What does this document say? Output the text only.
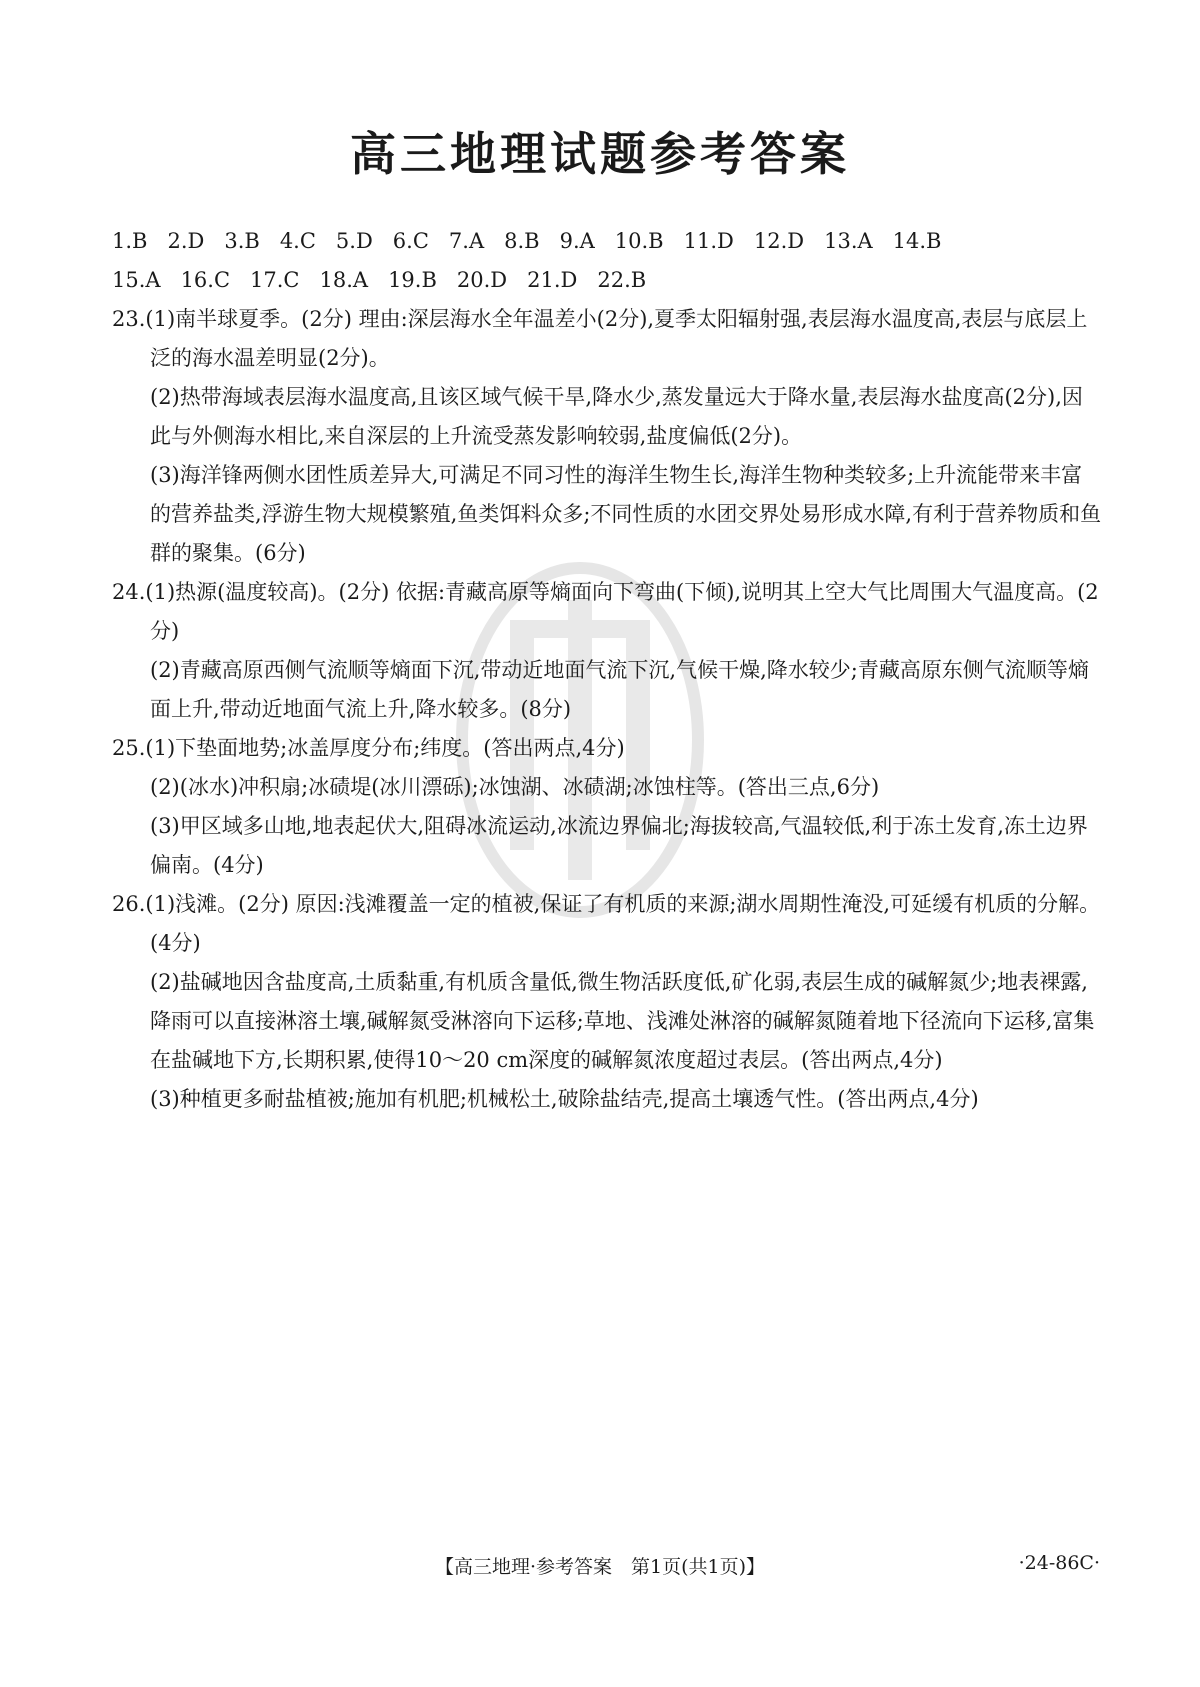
高三地理试题参考答案
1.B 2.D 3.B 4.C 5.D 6.C 7.A 8.B 9.A 10.B 11.D 12.D 13.A 14.B
15.A 16.C 17.C 18.A 19.B 20.D 21.D 22.B

23.(1)南半球夏季。(2分) 理由:深层海水全年温差小(2分),夏季太阳辐射强,表层海水温度高,表层与底层上泛的海水温差明显(2分)。

(2)热带海域表层海水温度高,且该区域气候干旱,降水少,蒸发量远大于降水量,表层海水盐度高(2分),因此与外侧海水相比,来自深层的上升流受蒸发影响较弱,盐度偏低(2分)。

(3)海洋锋两侧水团性质差异大,可满足不同习性的海洋生物生长,海洋生物种类较多;上升流能带来丰富的营养盐类,浮游生物大规模繁殖,鱼类饵料众多;不同性质的水团交界处易形成水障,有利于营养物质和鱼群的聚集。(6分)

24.(1)热源(温度较高)。(2分) 依据:青藏高原等熵面向下弯曲(下倾),说明其上空大气比周围大气温度高。(2分)

(2)青藏高原西侧气流顺等熵面下沉,带动近地面气流下沉,气候干燥,降水较少;青藏高原东侧气流顺等熵面上升,带动近地面气流上升,降水较多。(8分)

25.(1)下垫面地势;冰盖厚度分布;纬度。(答出两点,4分)

(2)(冰水)冲积扇;冰碛堤(冰川漂砾);冰蚀湖、冰碛湖;冰蚀柱等。(答出三点,6分)

(3)甲区域多山地,地表起伏大,阻碍冰流运动,冰流边界偏北;海拔较高,气温较低,利于冻土发育,冻土边界偏南。(4分)

26.(1)浅滩。(2分) 原因:浅滩覆盖一定的植被,保证了有机质的来源;湖水周期性淹没,可延缓有机质的分解。(4分)

(2)盐碱地因含盐度高,土质黏重,有机质含量低,微生物活跃度低,矿化弱,表层生成的碱解氮少;地表裸露,降雨可以直接淋溶土壤,碱解氮受淋溶向下运移;草地、浅滩处淋溶的碱解氮随着地下径流向下运移,富集在盐碱地下方,长期积累,使得10～20 cm深度的碱解氮浓度超过表层。(答出两点,4分)

(3)种植更多耐盐植被;施加有机肥;机械松土,破除盐结壳,提高土壤透气性。(答出两点,4分)

【高三地理·参考答案　第1页(共1页)】	·24-86C·
